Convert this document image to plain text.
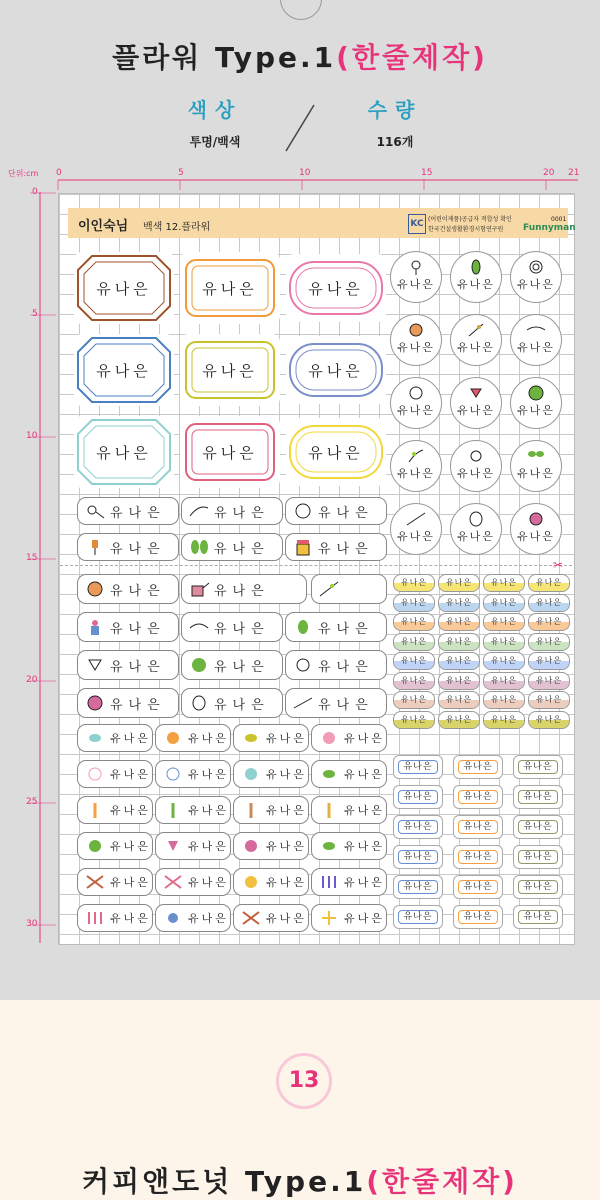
플라워 Type.1(한줄제작)
색상
투명/백색
수량
116개
단위:cm 0	5	10	15	20 21
0
5
10
15
20
25
30
이인숙님 백색 12.플라워	KC (어린이제품)공급자 적합성 확인
한국건설생활환경시험연구원
0001
Funnyman
유나은	유나은	유나은
유나은	유나은	유나은
유나은	유나은	유나은
유나은 유나은 유나은
유나은 유나은 유나은
유나은 유나은 유나은
유나은 유나은 유나은
유나은 유나은 유나은
유나은	유나은	유나은
유나은	유나은	유나은
✂
유나은	유나은
유나은	유나은	유나은
유나은	유나은	유나은
유나은	유나은	유나은
유나은	유나은	유나은	유나은
유나은	유나은	유나은	유나은
유나은	유나은	유나은	유나은
유나은	유나은	유나은	유나은
유나은	유나은	유나은	유나은
유나은	유나은	유나은	유나은
유나은	유나은	유나은	유나은
유나은	유나은	유나은	유나은
유나은	유나은	유나은	유나은
유나은	유나은	유나은	유나은
유나은	유나은	유나은	유나은
유나은	유나은	유나은	유나은
유나은	유나은	유나은	유나은
유나은	유나은	유나은	유나은
유나은	유나은	유나은
유나은	유나은	유나은
유나은	유나은	유나은
유나은	유나은	유나은
유나은	유나은	유나은
유나은	유나은	유나은
13
커피앤도넛 Type.1(한줄제작)
